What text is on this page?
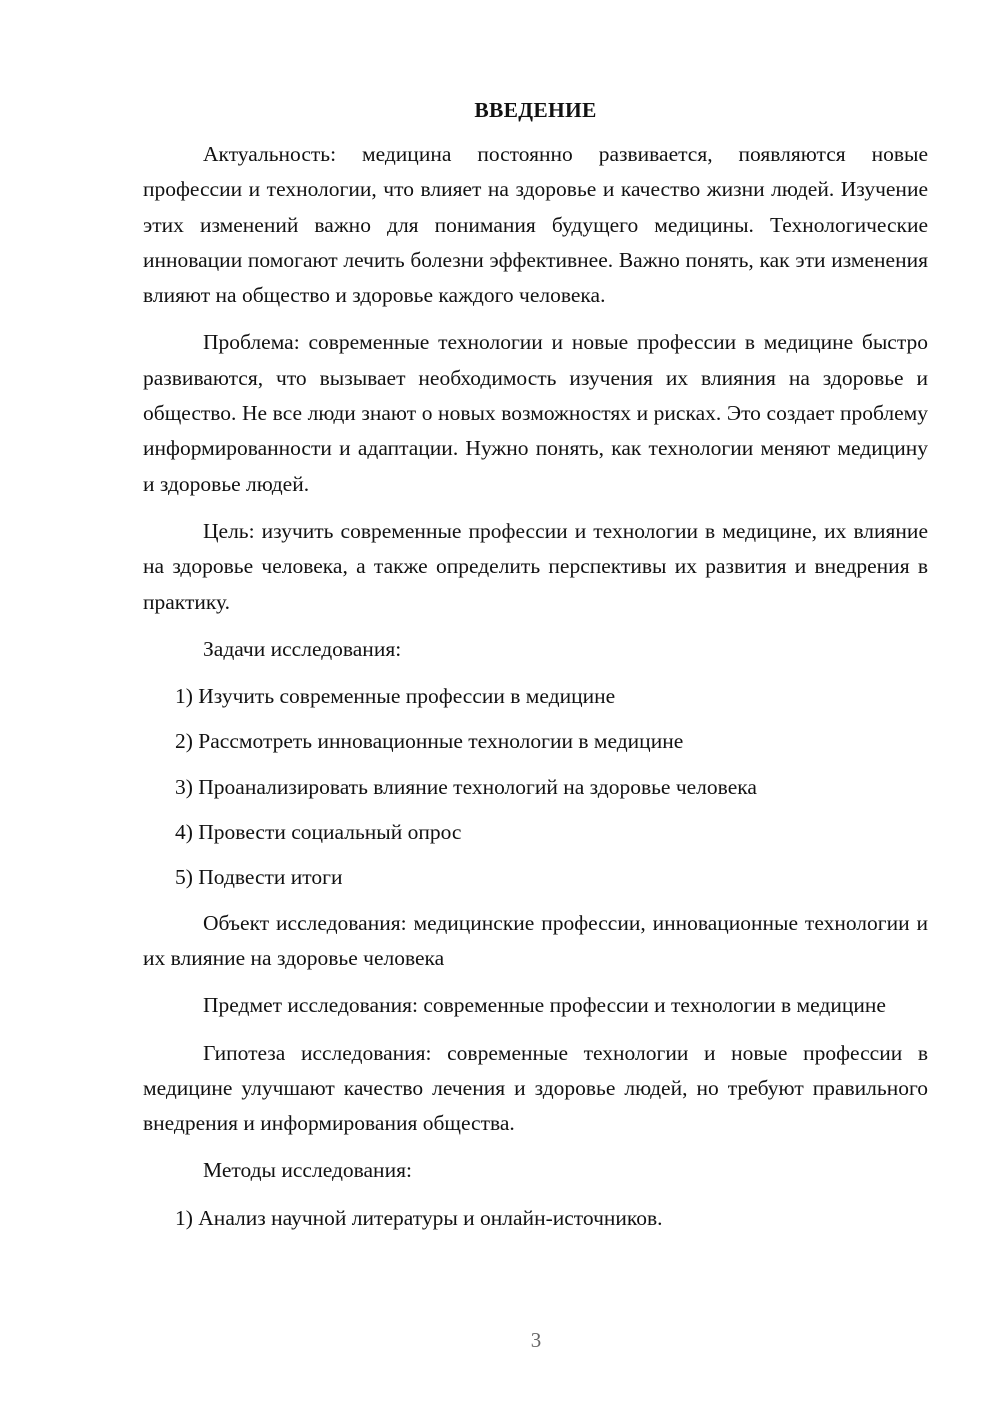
ВВЕДЕНИЕ

Актуальность: медицина постоянно развивается, появляются новые профессии и технологии, что влияет на здоровье и качество жизни людей. Изучение этих изменений важно для понимания будущего медицины. Технологические инновации помогают лечить болезни эффективнее. Важно понять, как эти изменения влияют на общество и здоровье каждого человека.

Проблема: современные технологии и новые профессии в медицине быстро развиваются, что вызывает необходимость изучения их влияния на здоровье и общество. Не все люди знают о новых возможностях и рисках. Это создает проблему информированности и адаптации. Нужно понять, как технологии меняют медицину и здоровье людей.

Цель: изучить современные профессии и технологии в медицине, их влияние на здоровье человека, а также определить перспективы их развития и внедрения в практику.

Задачи исследования:

1) Изучить современные профессии в медицине
2) Рассмотреть инновационные технологии в медицине
3) Проанализировать влияние технологий на здоровье человека
4) Провести социальный опрос
5) Подвести итоги

Объект исследования: медицинские профессии, инновационные технологии и их влияние на здоровье человека

Предмет исследования: современные профессии и технологии в медицине

Гипотеза исследования: современные технологии и новые профессии в медицине улучшают качество лечения и здоровье людей, но требуют правильного внедрения и информирования общества.

Методы исследования:

1) Анализ научной литературы и онлайн-источников.
3
